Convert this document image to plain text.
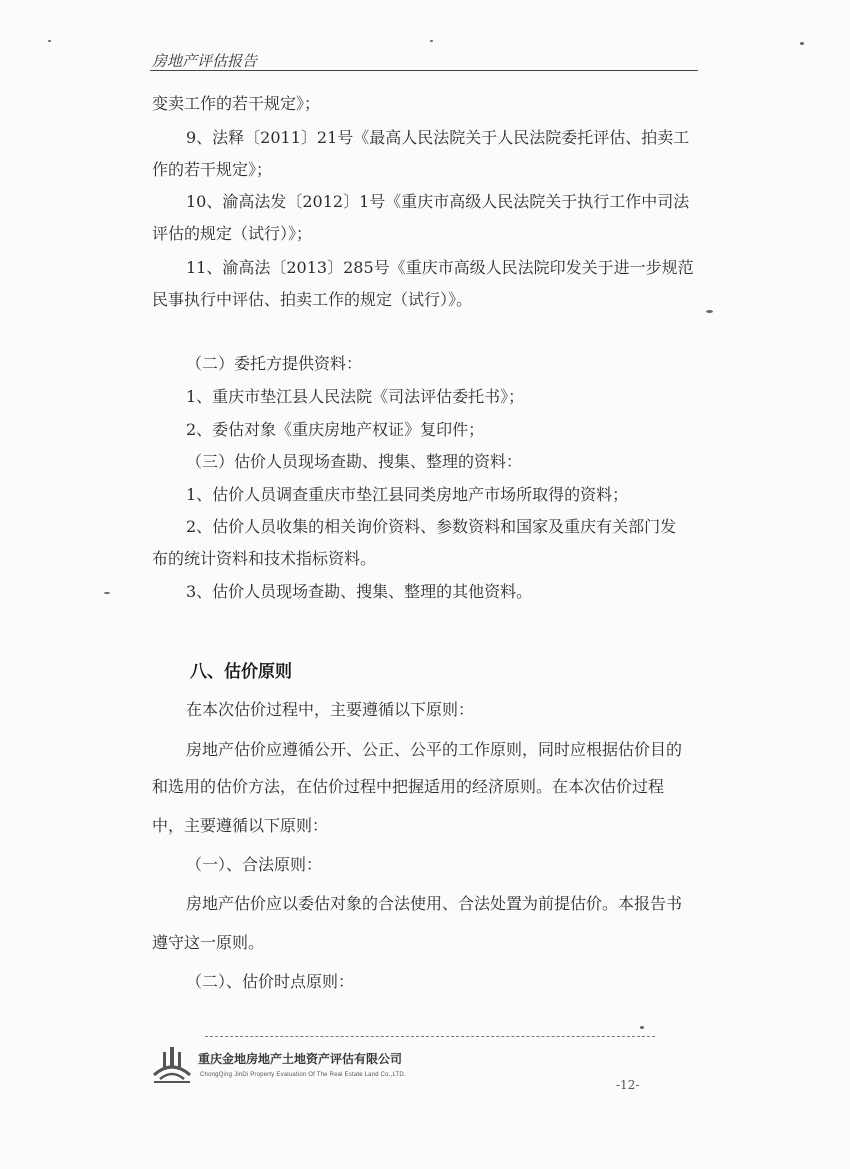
房地产评估报告
变卖工作的若干规定》；
9、法释〔2011〕21号《最高人民法院关于人民法院委托评估、拍卖工
作的若干规定》；
10、渝高法发〔2012〕1号《重庆市高级人民法院关于执行工作中司法
评估的规定（试行）》；
11、渝高法〔2013〕285号《重庆市高级人民法院印发关于进一步规范
民事执行中评估、拍卖工作的规定（试行）》。
（二）委托方提供资料：
1、重庆市垫江县人民法院《司法评估委托书》；
2、委估对象《重庆房地产权证》复印件；
（三）估价人员现场查勘、搜集、整理的资料：
1、估价人员调查重庆市垫江县同类房地产市场所取得的资料；
2、估价人员收集的相关询价资料、参数资料和国家及重庆有关部门发
布的统计资料和技术指标资料。
3、估价人员现场查勘、搜集、整理的其他资料。
八、估价原则
在本次估价过程中，主要遵循以下原则：
房地产估价应遵循公开、公正、公平的工作原则，同时应根据估价目的
和选用的估价方法，在估价过程中把握适用的经济原则。在本次估价过程
中，主要遵循以下原则：
（一）、合法原则：
房地产估价应以委估对象的合法使用、合法处置为前提估价。本报告书
遵守这一原则。
（二）、估价时点原则：
重庆金地房地产土地资产评估有限公司
ChongQing JinDi Property Evaluation Of The Real Estate Land Co.,LTD.
-12-
